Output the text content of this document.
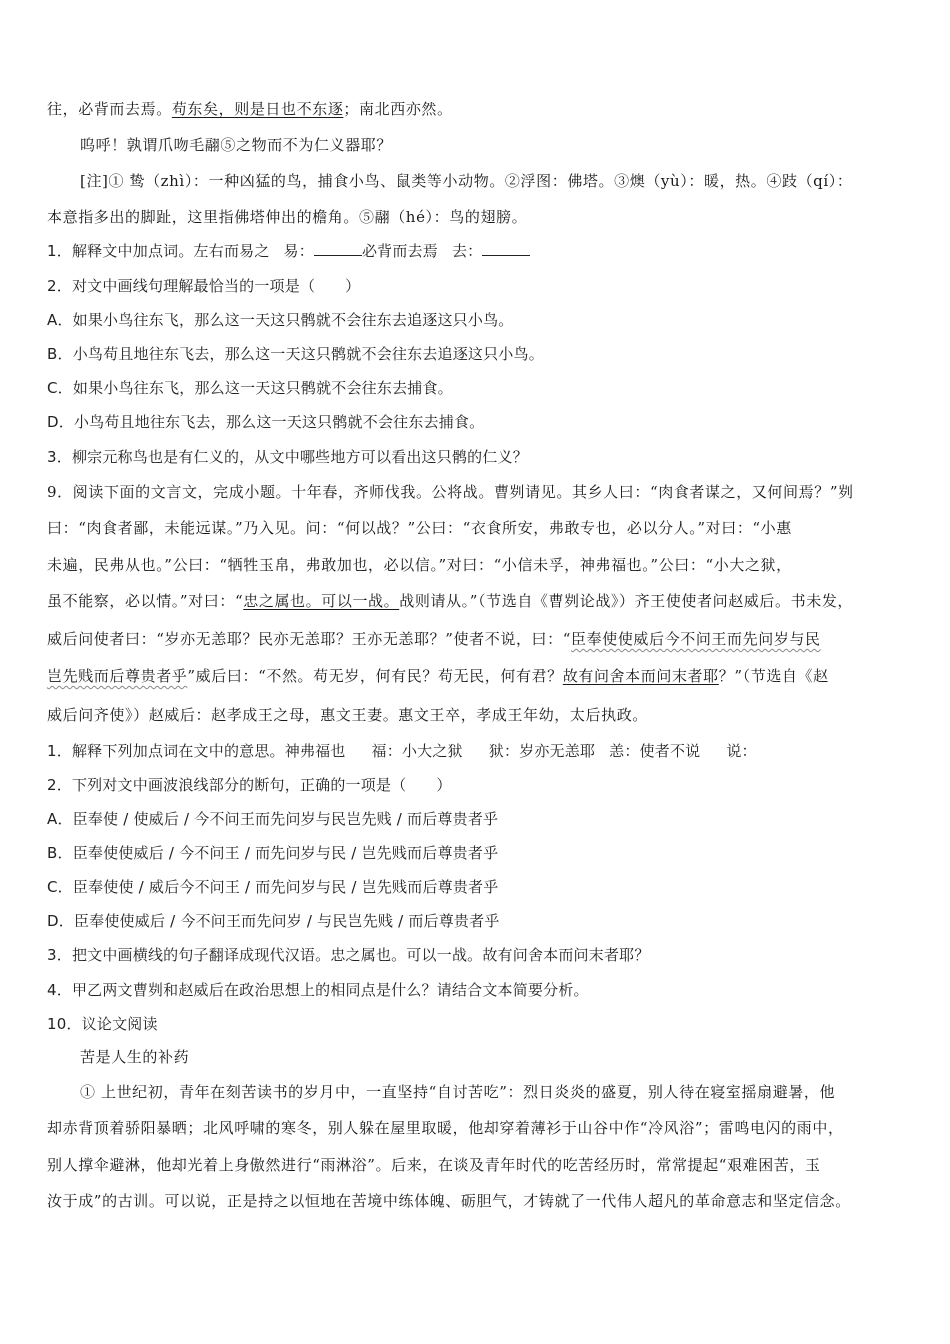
往，必背而去焉。苟东矣，则是日也不东逐；南北西亦然。
呜呼！孰谓爪吻毛翮⑤之物而不为仁义器耶？
[注]① 鸷（zhì）：一种凶猛的鸟，捕食小鸟、鼠类等小动物。②浮图：佛塔。③燠（yù）：暖，热。④跂（qí）：
本意指多出的脚趾，这里指佛塔伸出的檐角。⑤翮（hé）：鸟的翅膀。
1．解释文中加点词。左右而易之 易：	必背而去焉 去：
2．对文中画线句理解最恰当的一项是（ ）
A．如果小鸟往东飞，那么这一天这只鹘就不会往东去追逐这只小鸟。
B．小鸟苟且地往东飞去，那么这一天这只鹘就不会往东去追逐这只小鸟。
C．如果小鸟往东飞，那么这一天这只鹘就不会往东去捕食。
D．小鸟苟且地往东飞去，那么这一天这只鹘就不会往东去捕食。
3．柳宗元称鸟也是有仁义的，从文中哪些地方可以看出这只鹘的仁义？
9．阅读下面的文言文，完成小题。十年春，齐师伐我。公将战。曹刿请见。其乡人曰：“肉食者谋之，又何间焉？”刿
曰：“肉食者鄙，未能远谋。”乃入见。问：“何以战？”公曰：“衣食所安，弗敢专也，必以分人。”对曰：“小惠
未遍，民弗从也。”公曰：“牺牲玉帛，弗敢加也，必以信。”对曰：“小信未孚，神弗福也。”公曰：“小大之狱，
虽不能察，必以情。”对曰：“忠之属也。可以一战。战则请从。”（节选自《曹刿论战》）齐王使使者问赵威后。书未发，
威后问使者曰：“岁亦无恙耶？民亦无恙耶？王亦无恙耶？”使者不说，曰：“臣奉使使威后今不问王而先问岁与民
岂先贱而后尊贵者乎”威后曰：“不然。苟无岁，何有民？苟无民，何有君？故有问舍本而问末者耶？”（节选自《赵
威后问齐使》）赵威后：赵孝成王之母，惠文王妻。惠文王卒，孝成王年幼，太后执政。
1．解释下列加点词在文中的意思。神弗福也 福：小大之狱 狱：岁亦无恙耶 恙：使者不说 说：
2．下列对文中画波浪线部分的断句，正确的一项是（ ）
A．臣奉使 / 使威后 / 今不问王而先问岁与民岂先贱 / 而后尊贵者乎
B．臣奉使使威后 / 今不问王 / 而先问岁与民 / 岂先贱而后尊贵者乎
C．臣奉使使 / 威后今不问王 / 而先问岁与民 / 岂先贱而后尊贵者乎
D．臣奉使使威后 / 今不问王而先问岁 / 与民岂先贱 / 而后尊贵者乎
3．把文中画横线的句子翻译成现代汉语。忠之属也。可以一战。故有问舍本而问末者耶？
4．甲乙两文曹刿和赵威后在政治思想上的相同点是什么？请结合文本简要分析。
10．议论文阅读
苦是人生的补药
① 上世纪初，青年在刻苦读书的岁月中，一直坚持“自讨苦吃”：烈日炎炎的盛夏，别人待在寝室摇扇避暑，他
却赤背顶着骄阳暴晒；北风呼啸的寒冬，别人躲在屋里取暖，他却穿着薄衫于山谷中作“冷风浴”；雷鸣电闪的雨中，
别人撑伞避淋，他却光着上身傲然进行“雨淋浴”。后来，在谈及青年时代的吃苦经历时，常常提起“艰难困苦，玉
汝于成”的古训。可以说，正是持之以恒地在苦境中练体魄、砺胆气，才铸就了一代伟人超凡的革命意志和坚定信念。
